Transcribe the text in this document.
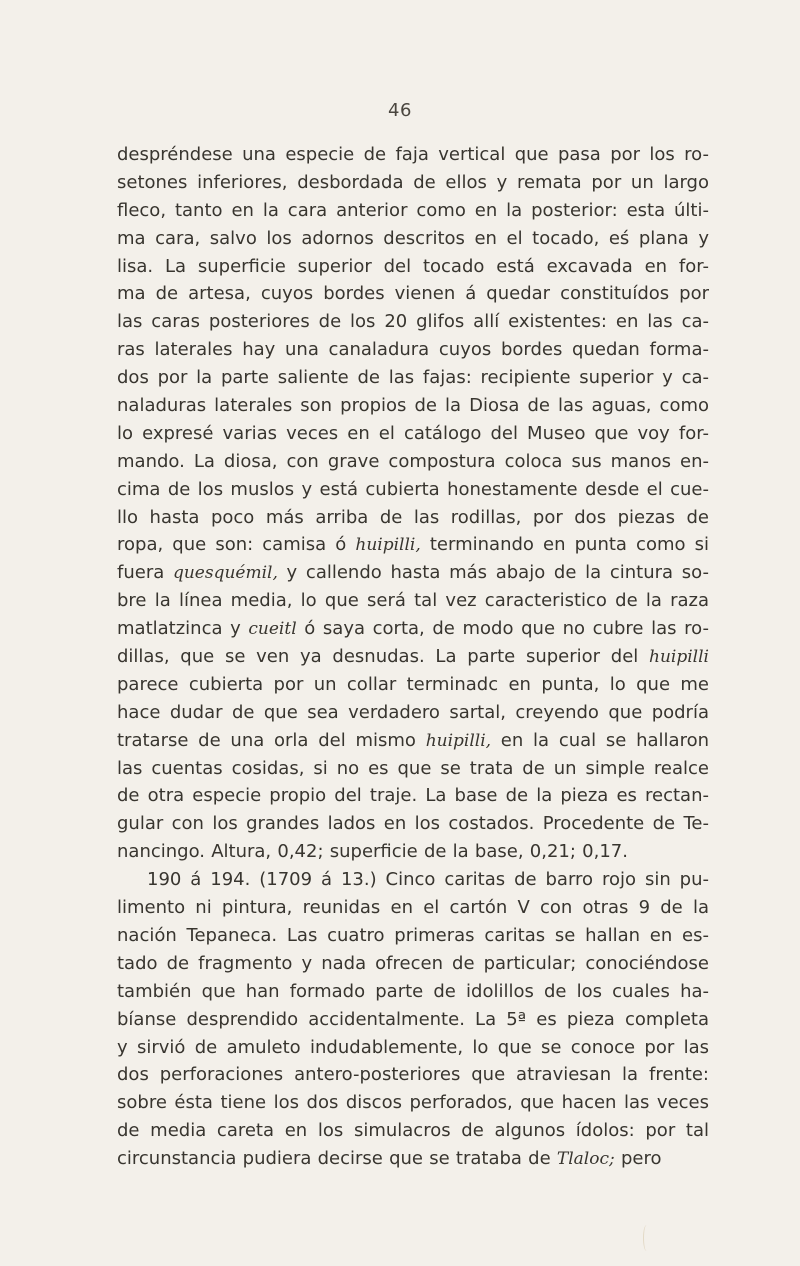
46
despréndese una especie de faja vertical que pasa por los ro-
setones inferiores, desbordada de ellos y remata por un largo
fleco, tanto en la cara anterior como en la posterior: esta últi-
ma cara, salvo los adornos descritos en el tocado, eś plana y
lisa. La superficie superior del tocado está excavada en for-
ma de artesa, cuyos bordes vienen á quedar constituídos por
las caras posteriores de los 20 glifos allí existentes: en las ca-
ras laterales hay una canaladura cuyos bordes quedan forma-
dos por la parte saliente de las fajas: recipiente superior y ca-
naladuras laterales son propios de la Diosa de las aguas, como
lo expresé varias veces en el catálogo del Museo que voy for-
mando. La diosa, con grave compostura coloca sus manos en-
cima de los muslos y está cubierta honestamente desde el cue-
llo hasta poco más arriba de las rodillas, por dos piezas de
ropa, que son: camisa ó huipilli, terminando en punta como si
fuera quesquémil, y callendo hasta más abajo de la cintura so-
bre la línea media, lo que será tal vez caracteristico de la raza
matlatzinca y cueitl ó saya corta, de modo que no cubre las ro-
dillas, que se ven ya desnudas. La parte superior del huipilli
parece cubierta por un collar terminadc en punta, lo que me
hace dudar de que sea verdadero sartal, creyendo que podría
tratarse de una orla del mismo huipilli, en la cual se hallaron
las cuentas cosidas, si no es que se trata de un simple realce
de otra especie propio del traje. La base de la pieza es rectan-
gular con los grandes lados en los costados. Procedente de Te-
nancingo. Altura, 0,42; superficie de la base, 0,21; 0,17.
190 á 194. (1709 á 13.) Cinco caritas de barro rojo sin pu-
limento ni pintura, reunidas en el cartón V con otras 9 de la
nación Tepaneca. Las cuatro primeras caritas se hallan en es-
tado de fragmento y nada ofrecen de particular; conociéndose
también que han formado parte de idolillos de los cuales ha-
bíanse desprendido accidentalmente. La 5ª es pieza completa
y sirvió de amuleto indudablemente, lo que se conoce por las
dos perforaciones antero-posteriores que atraviesan la frente:
sobre ésta tiene los dos discos perforados, que hacen las veces
de media careta en los simulacros de algunos ídolos: por tal
circunstancia pudiera decirse que se trataba de Tlaloc; pero
